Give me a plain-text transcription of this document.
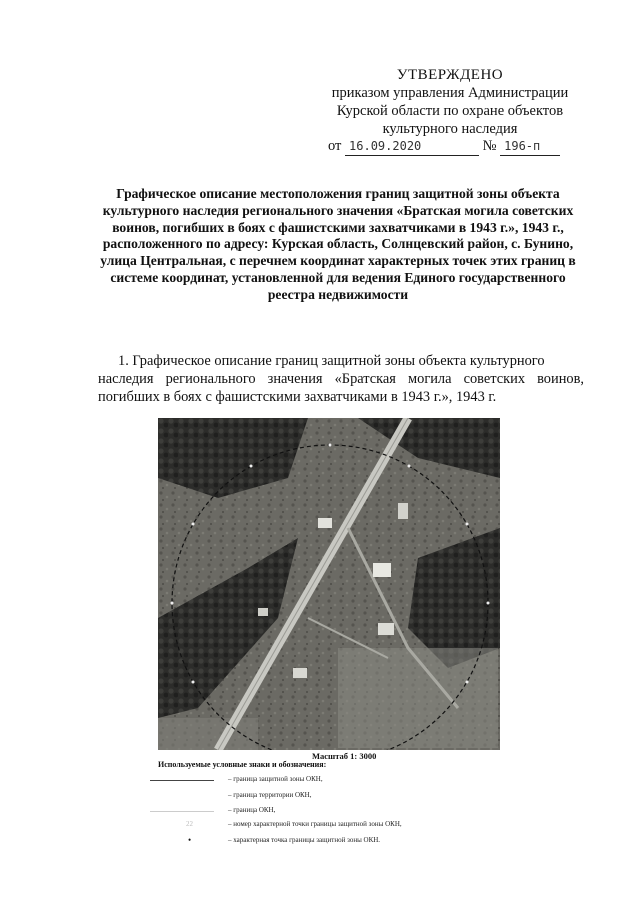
УТВЕРЖДЕНО
приказом управления Администрации
Курской области по охране объектов
культурного наследия
от 16.09.2020	№ 196-п
Графическое описание местоположения границ защитной зоны объекта культурного наследия регионального значения «Братская могила советских воинов, погибших в боях с фашистскими захватчиками в 1943 г.», 1943 г., расположенного по адресу: Курская область, Солнцевский район, с. Бунино, улица Центральная, с перечнем координат характерных точек этих границ в системе координат, установленной для ведения Единого государственного реестра недвижимости
1. Графическое описание границ защитной зоны объекта культурного
наследия регионального значения «Братская могила советских воинов, погибших в боях с фашистскими захватчиками в 1943 г.», 1943 г.
Масштаб 1: 3000
Используемые условные знаки и обозначения:
– граница защитной зоны ОКН,
– граница территории ОКН,
– граница ОКН,
22	– номер характерной точки границы защитной зоны ОКН,
•	– характерная точка границы защитной зоны ОКН.
